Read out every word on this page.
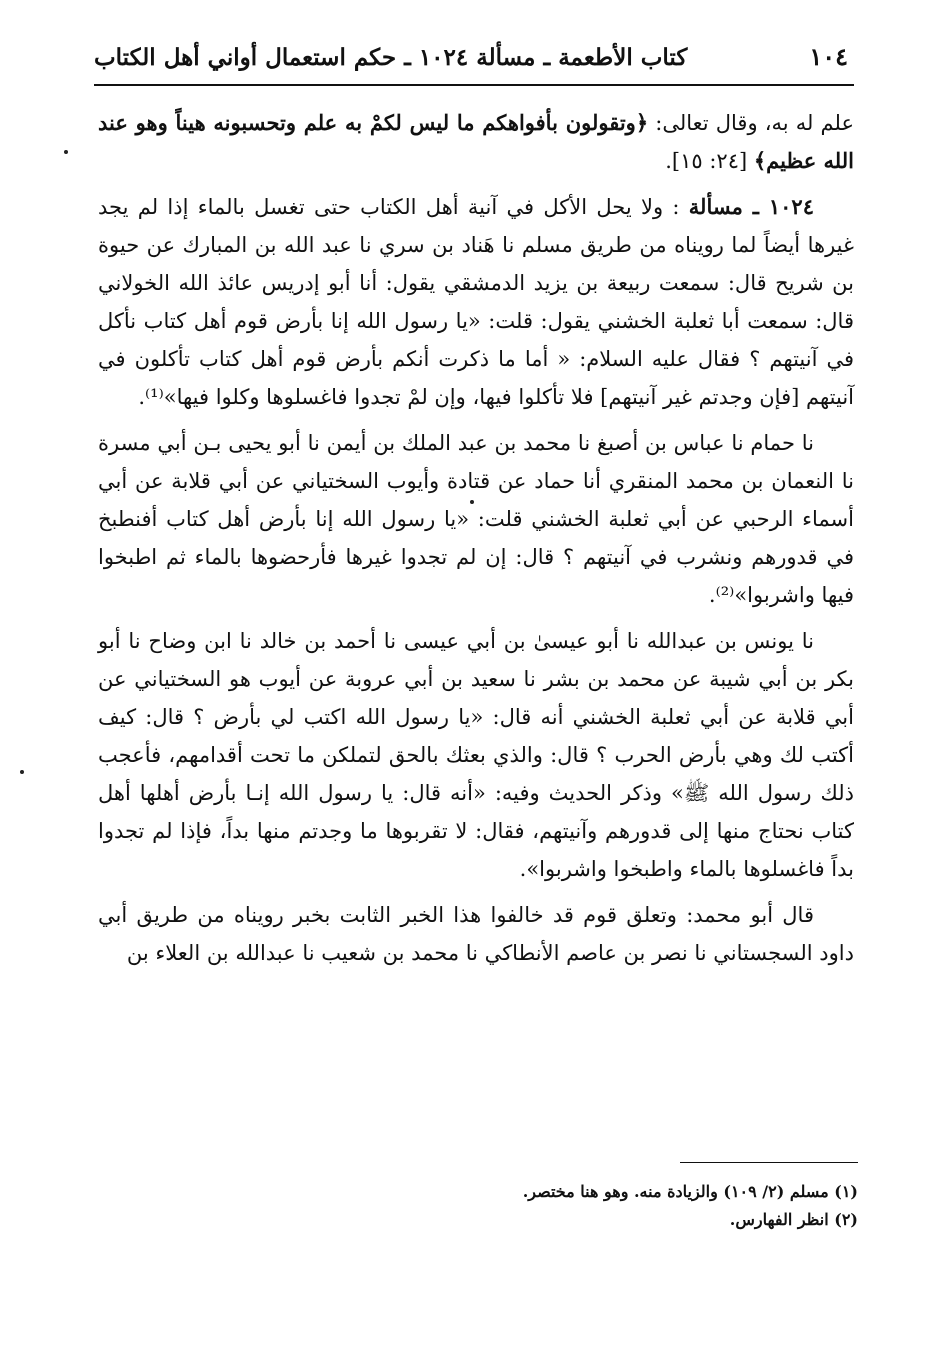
كتاب الأطعمة ـ مسألة ١٠٢٤ ـ حكم استعمال أواني أهل الكتاب	١٠٤

علم له به، وقال تعالى: ﴿وتقولون بأفواهكم ما ليس لكمْ به علم وتحسبونه هيناً وهو عند الله عظيم﴾ [٢٤: ١٥].

١٠٢٤ ـ مسألة : ولا يحل الأكل في آنية أهل الكتاب حتى تغسل بالماء إذا لم يجد غيرها أيضاً لما رويناه من طريق مسلم نا هَناد بن سري نا عبد الله بن المبارك عن حيوة بن شريح قال: سمعت ربيعة بن يزيد الدمشقي يقول: أنا أبو إدريس عائذ الله الخولاني قال: سمعت أبا ثعلبة الخشني يقول: قلت: «يا رسول الله إنا بأرض قوم أهل كتاب نأكل في آنيتهم ؟ فقال عليه السلام: « أما ما ذكرت أنكم بأرض قوم أهل كتاب تأكلون في آنيتهم [فإن وجدتم غير آنيتهم] فلا تأكلوا فيها، وإن لمْ تجدوا فاغسلوها وكلوا فيها»⁽¹⁾.

نا حمام نا عباس بن أصبغ نا محمد بن عبد الملك بن أيمن نا أبو يحيى بـن أبي مسرة نا النعمان بن محمد المنقري أنا حماد عن قتادة وأيوب السختياني عن أبي قلابة عن أبي أسماء الرحبي عن أبي ثعلبة الخشني قلت: «يا رسول الله إنا بأرض أهل كتاب أفنطبخ في قدورهم ونشرب في آنيتهم ؟ قال: إن لم تجدوا غيرها فأرحضوها بالماء ثم اطبخوا فيها واشربوا»⁽²⁾.

نا يونس بن عبدالله نا أبو عيسىٰ بن أبي عيسى نا أحمد بن خالد نا ابن وضاح نا أبو بكر بن أبي شيبة عن محمد بن بشر نا سعيد بن أبي عروبة عن أيوب هو السختياني عن أبي قلابة عن أبي ثعلبة الخشني أنه قال: «يا رسول الله اكتب لي بأرض ؟ قال: كيف أكتب لك وهي بأرض الحرب ؟ قال: والذي بعثك بالحق لتملكن ما تحت أقدامهم، فأعجب ذلك رسول الله ﷺ» وذكر الحديث وفيه: «أنه قال: يا رسول الله إنـا بأرض أهلها أهل كتاب نحتاج منها إلى قدورهم وآنيتهم، فقال: لا تقربوها ما وجدتم منها بداً، فإذا لم تجدوا بداً فاغسلوها بالماء واطبخوا واشربوا».

قال أبو محمد: وتعلق قوم قد خالفوا هذا الخبر الثابت بخبر رويناه من طريق أبي داود السجستاني نا نصر بن عاصم الأنطاكي نا محمد بن شعيب نا عبدالله بن العلاء بن

(١) مسلم (٢/ ١٠٩) والزيادة منه. وهو هنا مختصر.
(٢) انظر الفهارس.
